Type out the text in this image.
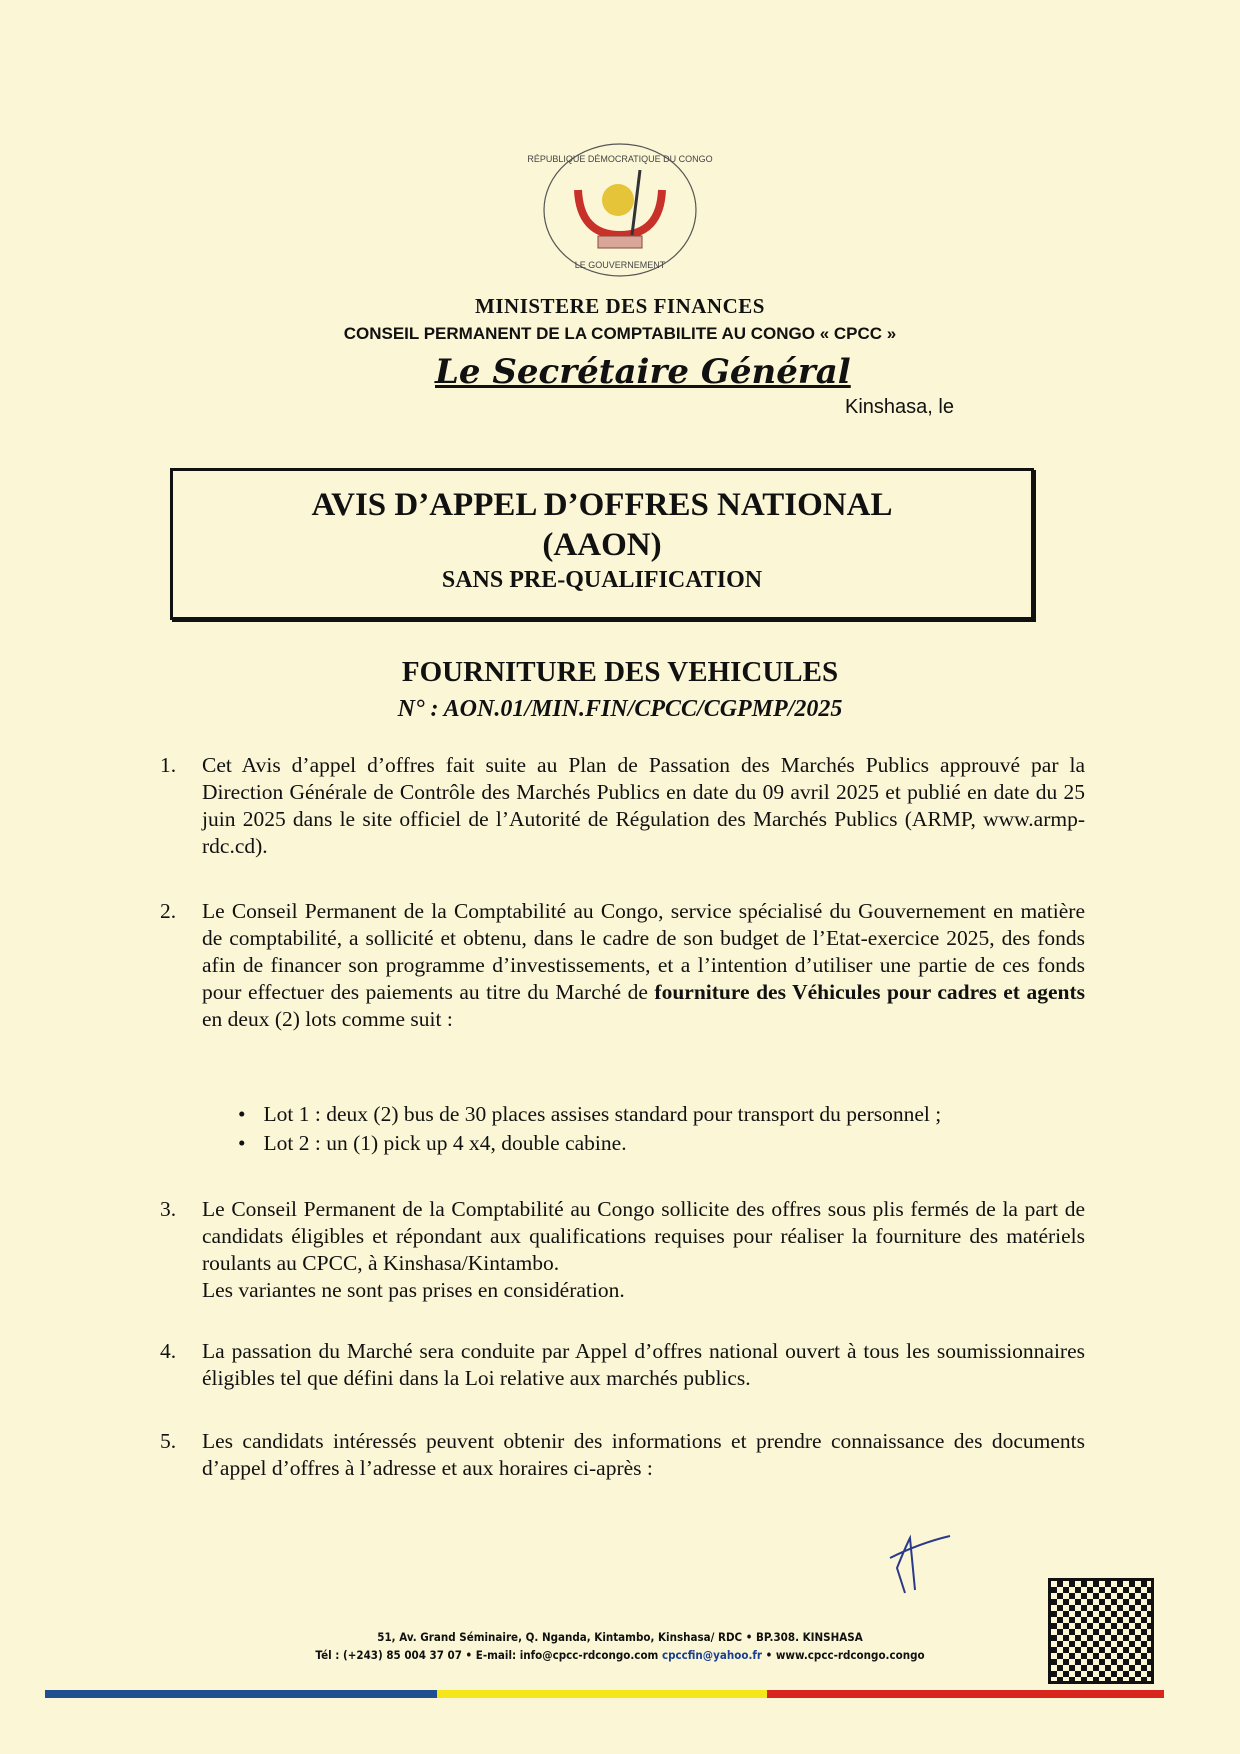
RÉPUBLIQUE DÉMOCRATIQUE DU CONGO
LE GOUVERNEMENT
MINISTERE DES FINANCES
CONSEIL PERMANENT DE LA COMPTABILITE AU CONGO « CPCC »
Le Secrétaire Général
Kinshasa, le
AVIS D’APPEL D’OFFRES NATIONAL
(AAON)
SANS PRE-QUALIFICATION
FOURNITURE DES VEHICULES
N° : AON.01/MIN.FIN/CPCC/CGPMP/2025
1.	Cet Avis d’appel d’offres fait suite au Plan de Passation des Marchés Publics approuvé par la Direction Générale de Contrôle des Marchés Publics en date du 09 avril 2025 et publié en date du 25 juin 2025 dans le site officiel de l’Autorité de Régulation des Marchés Publics (ARMP, www.armp-rdc.cd).
2.	Le Conseil Permanent de la Comptabilité au Congo, service spécialisé du Gouvernement en matière de comptabilité, a sollicité et obtenu, dans le cadre de son budget de l’Etat-exercice 2025, des fonds afin de financer son programme d’investissements, et a l’intention d’utiliser une partie de ces fonds pour effectuer des paiements au titre du Marché de fourniture des Véhicules pour cadres et agents en deux (2) lots comme suit :
• Lot 1 : deux (2) bus de 30 places assises standard pour transport du personnel ;
• Lot 2 : un (1) pick up 4 x4, double cabine.
3.	Le Conseil Permanent de la Comptabilité au Congo sollicite des offres sous plis fermés de la part de candidats éligibles et répondant aux qualifications requises pour réaliser la fourniture des matériels roulants au CPCC, à Kinshasa/Kintambo.
Les variantes ne sont pas prises en considération.
4.	La passation du Marché sera conduite par Appel d’offres national ouvert à tous les soumissionnaires éligibles tel que défini dans la Loi relative aux marchés publics.
5.	Les candidats intéressés peuvent obtenir des informations et prendre connaissance des documents d’appel d’offres à l’adresse et aux horaires ci-après :
51, Av. Grand Séminaire, Q. Nganda, Kintambo, Kinshasa/ RDC • BP.308. KINSHASA
Tél : (+243) 85 004 37 07 • E-mail: info@cpcc-rdcongo.com cpccfin@yahoo.fr • www.cpcc-rdcongo.congo
